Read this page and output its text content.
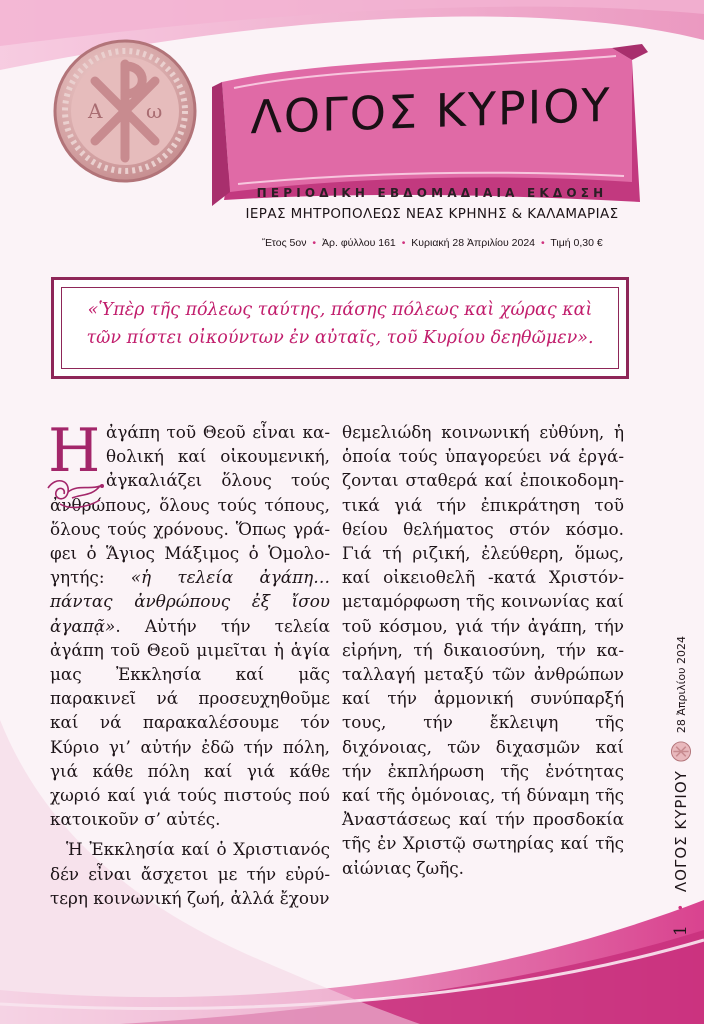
A ω ΛΟΓΟΣ ΚΥΡΙΟΥ
ΠΕΡΙΟΔΙΚΗ ΕΒΔΟΜΑΔΙΑΙΑ ΕΚΔΟΣΗ
ΙΕΡΑΣ ΜΗΤΡΟΠΟΛΕΩΣ ΝΕΑΣ ΚΡΗΝΗΣ & ΚΑΛΑΜΑΡΙΑΣ
Ἔτος 5ον • Ἀρ. φύλλου 161 • Κυριακή 28 Ἀπριλίου 2024 • Τιμή 0,30 €
«Ὑπὲρ τῆς πόλεως ταύτης, πάσης πόλεως καὶ χώρας καὶ τῶν πίστει οἰκούντων ἐν αὐταῖς, τοῦ Κυρίου δεηθῶμεν».

Η ἀγάπη τοῦ Θεοῦ εἶναι καθολική καί οἰκουμενική, ἀγκαλιάζει ὅλους τούς ἀνθρώπους, ὅλους τούς τόπους, ὅλους τούς χρόνους. Ὅπως γράφει ὁ Ἅγιος Μάξιμος ὁ Ὁμολογητής: «ἡ τελεία ἀγάπη… πάντας ἀνθρώπους ἐξ ἴσου ἀγαπᾷ». Αὐτήν τήν τελεία ἀγάπη τοῦ Θεοῦ μιμεῖται ἡ ἁγία μας Ἐκκλησία καί μᾶς παρακινεῖ νά προσευχηθοῦμε καί νά παρακαλέσουμε τόν Κύριο γι’ αὐτήν ἐδῶ τήν πόλη, γιά κάθε πόλη καί γιά κάθε χωριό καί γιά τούς πιστούς πού κατοικοῦν σ’ αὐτές.

Ἡ Ἐκκλησία καί ὁ Χριστιανός δέν εἶναι ἄσχετοι με τήν εὐρύτερη κοινωνική ζωή, ἀλλά ἔχουν

θεμελιώδη κοινωνική εὐθύνη, ἡ ὁποία τούς ὑπαγορεύει νά ἐργάζονται σταθερά καί ἐποικοδομητικά γιά τήν ἐπικράτηση τοῦ θείου θελήματος στόν κόσμο. Γιά τή ριζική, ἐλεύθερη, ὅμως, καί οἰκειοθελῆ -κατά Χριστόν- μεταμόρφωση τῆς κοινωνίας καί τοῦ κόσμου, γιά τήν ἀγάπη, τήν εἰρήνη, τή δικαιοσύνη, τήν καταλλαγή μεταξύ τῶν ἀνθρώπων καί τήν ἁρμονική συνύπαρξή τους, τήν ἔκλειψη τῆς διχόνοιας, τῶν διχασμῶν καί τήν ἐκπλήρωση τῆς ἑνότητας καί τῆς ὁμόνοιας, τή δύναμη τῆς Ἀναστάσεως καί τήν προσδοκία τῆς ἐν Χριστῷ σωτηρίας καί τῆς αἰώνιας ζωῆς.

1
•
ΛΟΓΟΣ ΚΥΡΙΟΥ
28 Ἀπριλίου 2024
